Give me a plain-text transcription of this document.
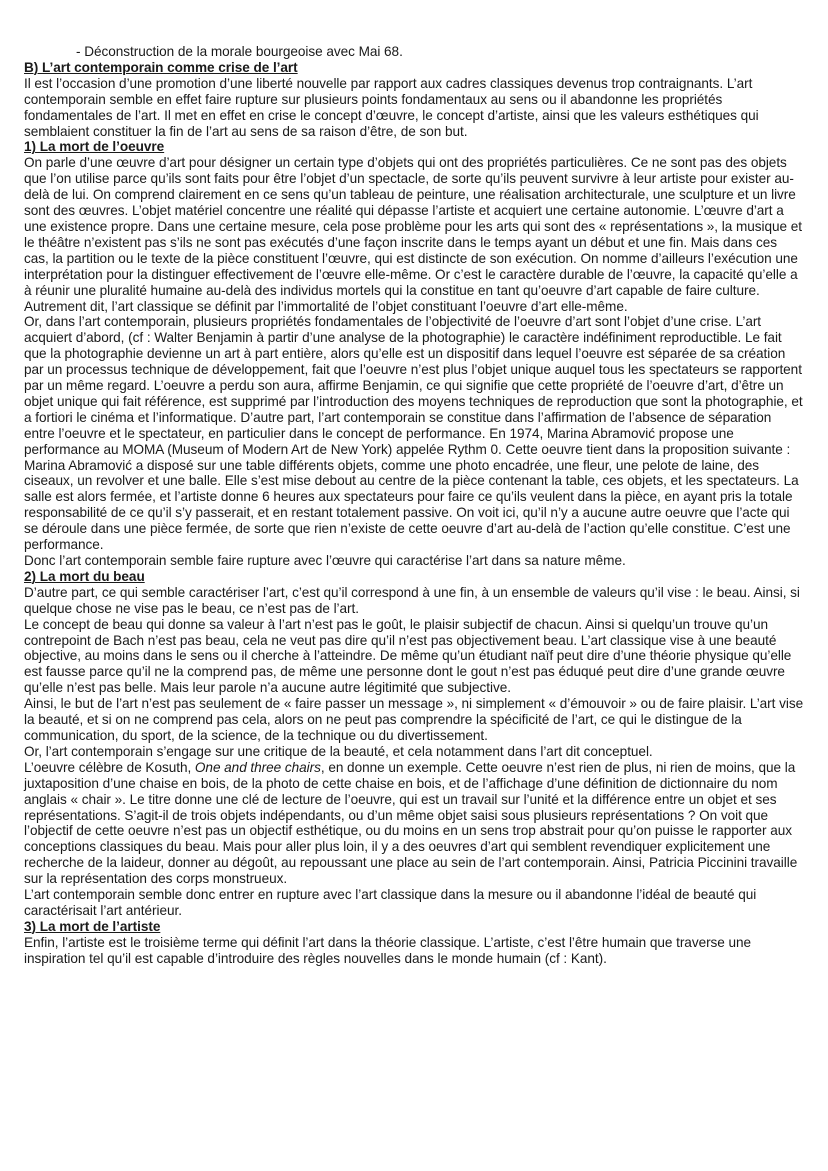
- Déconstruction de la morale bourgeoise avec Mai 68.

B) L’art contemporain comme crise de l’art

Il est l’occasion d’une promotion d’une liberté nouvelle par rapport aux cadres classiques devenus trop contraignants. L’art contemporain semble en effet faire rupture sur plusieurs points fondamentaux au sens ou il abandonne les propriétés fondamentales de l’art. Il met en effet en crise le concept d’œuvre, le concept d’artiste, ainsi que les valeurs esthétiques qui semblaient constituer la fin de l’art au sens de sa raison d’être, de son but.

1) La mort de l’oeuvre

On parle d’une œuvre d’art pour désigner un certain type d’objets qui ont des propriétés particulières. Ce ne sont pas des objets que l’on utilise parce qu’ils sont faits pour être l’objet d’un spectacle, de sorte qu’ils peuvent survivre à leur artiste pour exister au-delà de lui. On comprend clairement en ce sens qu’un tableau de peinture, une réalisation architecturale, une sculpture et un livre sont des œuvres. L’objet matériel concentre une réalité qui dépasse l’artiste et acquiert une certaine autonomie. L’œuvre d’art a une existence propre. Dans une certaine mesure, cela pose problème pour les arts qui sont des « représentations », la musique et le théâtre n’existent pas s’ils ne sont pas exécutés d’une façon inscrite dans le temps ayant un début et une fin. Mais dans ces cas, la partition ou le texte de la pièce constituent l’œuvre, qui est distincte de son exécution. On nomme d’ailleurs l’exécution une interprétation pour la distinguer effectivement de l’œuvre elle-même. Or c’est le caractère durable de l’œuvre, la capacité qu’elle a à réunir une pluralité humaine au-delà des individus mortels qui la constitue en tant qu’oeuvre d’art capable de faire culture. Autrement dit, l’art classique se définit par l’immortalité de l’objet constituant l’oeuvre d’art elle-même.

Or, dans l’art contemporain, plusieurs propriétés fondamentales de l’objectivité de l’oeuvre d’art sont l’objet d’une crise. L’art acquiert d’abord, (cf : Walter Benjamin à partir d’une analyse de la photographie) le caractère indéfiniment reproductible. Le fait que la photographie devienne un art à part entière, alors qu’elle est un dispositif dans lequel l’oeuvre est séparée de sa création par un processus technique de développement, fait que l’oeuvre n’est plus l’objet unique auquel tous les spectateurs se rapportent par un même regard. L’oeuvre a perdu son aura, affirme Benjamin, ce qui signifie que cette propriété de l’oeuvre d’art, d’être un objet unique qui fait référence, est supprimé par l’introduction des moyens techniques de reproduction que sont la photographie, et a fortiori le cinéma et l’informatique. D’autre part, l’art contemporain se constitue dans l’affirmation de l’absence de séparation entre l’oeuvre et le spectateur, en particulier dans le concept de performance. En 1974, Marina Abramović propose une performance au MOMA (Museum of Modern Art de New York) appelée Rythm 0. Cette oeuvre tient dans la proposition suivante : Marina Abramović a disposé sur une table différents objets, comme une photo encadrée, une fleur, une pelote de laine, des ciseaux, un revolver et une balle. Elle s’est mise debout au centre de la pièce contenant la table, ces objets, et les spectateurs. La salle est alors fermée, et l’artiste donne 6 heures aux spectateurs pour faire ce qu’ils veulent dans la pièce, en ayant pris la totale responsabilité de ce qu’il s’y passerait, et en restant totalement passive. On voit ici, qu’il n’y a aucune autre oeuvre que l’acte qui se déroule dans une pièce fermée, de sorte que rien n’existe de cette oeuvre d’art au-delà de l’action qu’elle constitue. C’est une performance.

Donc l’art contemporain semble faire rupture avec l’œuvre qui caractérise l’art dans sa nature même.

2) La mort du beau

D’autre part, ce qui semble caractériser l’art, c’est qu’il correspond à une fin, à un ensemble de valeurs qu’il vise : le beau. Ainsi, si quelque chose ne vise pas le beau, ce n’est pas de l’art.

Le concept de beau qui donne sa valeur à l’art n’est pas le goût, le plaisir subjectif de chacun. Ainsi si quelqu’un trouve qu’un contrepoint de Bach n’est pas beau, cela ne veut pas dire qu’il n’est pas objectivement beau. L’art classique vise à une beauté objective, au moins dans le sens ou il cherche à l’atteindre. De même qu’un étudiant naïf peut dire d’une théorie physique qu’elle est fausse parce qu’il ne la comprend pas, de même une personne dont le gout n’est pas éduqué peut dire d’une grande œuvre qu’elle n’est pas belle. Mais leur parole n’a aucune autre légitimité que subjective.

Ainsi, le but de l’art n’est pas seulement de « faire passer un message », ni simplement « d’émouvoir » ou de faire plaisir. L’art vise la beauté, et si on ne comprend pas cela, alors on ne peut pas comprendre la spécificité de l’art, ce qui le distingue de la communication, du sport, de la science, de la technique ou du divertissement.

Or, l’art contemporain s’engage sur une critique de la beauté, et cela notamment dans l’art dit conceptuel.

L’oeuvre célèbre de Kosuth, One and three chairs, en donne un exemple. Cette oeuvre n’est rien de plus, ni rien de moins, que la juxtaposition d’une chaise en bois, de la photo de cette chaise en bois, et de l’affichage d’une définition de dictionnaire du nom anglais « chair ». Le titre donne une clé de lecture de l’oeuvre, qui est un travail sur l’unité et la différence entre un objet et ses représentations. S’agit-il de trois objets indépendants, ou d’un même objet saisi sous plusieurs représentations ? On voit que l’objectif de cette oeuvre n’est pas un objectif esthétique, ou du moins en un sens trop abstrait pour qu’on puisse le rapporter aux conceptions classiques du beau. Mais pour aller plus loin, il y a des oeuvres d’art qui semblent revendiquer explicitement une recherche de la laideur, donner au dégoût, au repoussant une place au sein de l’art contemporain. Ainsi, Patricia Piccinini travaille sur la représentation des corps monstrueux.

L’art contemporain semble donc entrer en rupture avec l’art classique dans la mesure ou il abandonne l’idéal de beauté qui caractérisait l’art antérieur.

3) La mort de l’artiste

Enfin, l’artiste est le troisième terme qui définit l’art dans la théorie classique. L’artiste, c’est l’être humain que traverse une inspiration tel qu’il est capable d’introduire des règles nouvelles dans le monde humain (cf : Kant).
